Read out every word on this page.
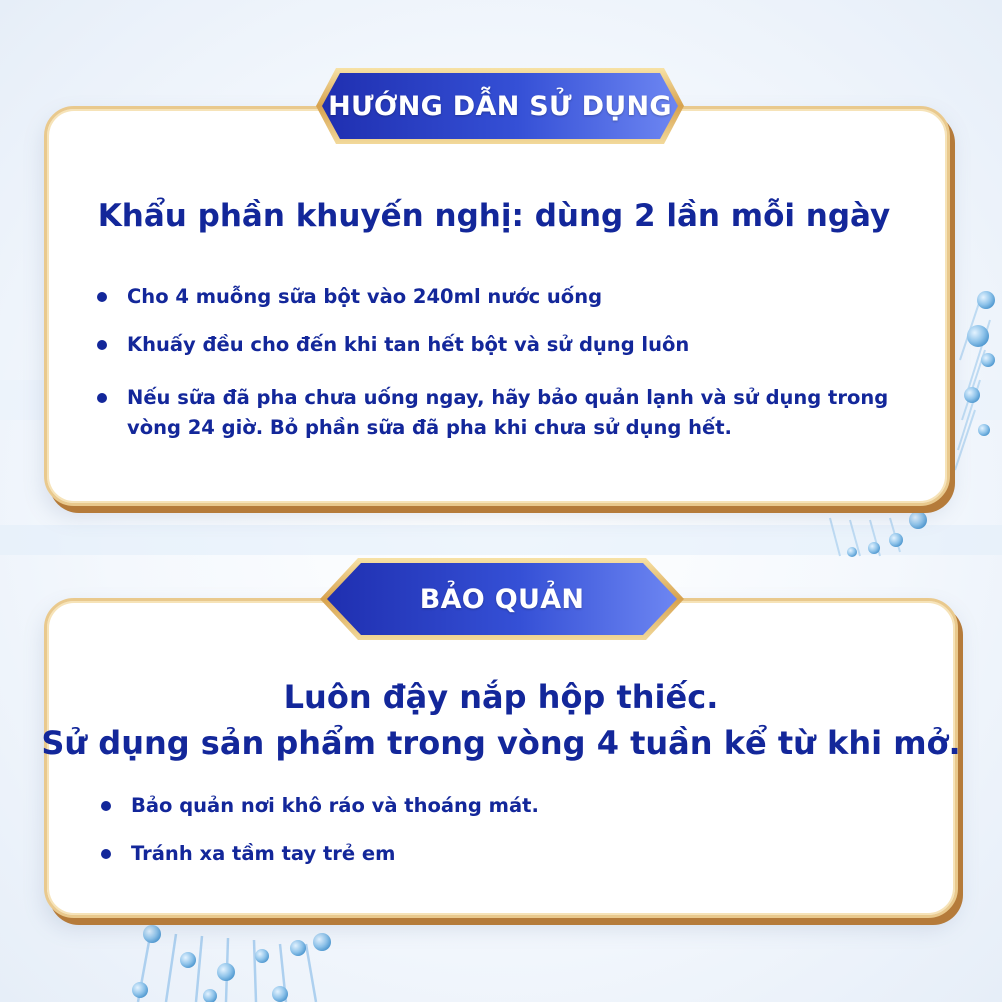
HƯỚNG DẪN SỬ DỤNG
Khẩu phần khuyến nghị: dùng 2 lần mỗi ngày
Cho 4 muỗng sữa bột vào 240ml nước uống
Khuấy đều cho đến khi tan hết bột và sử dụng luôn
Nếu sữa đã pha chưa uống ngay, hãy bảo quản lạnh và sử dụng trong vòng 24 giờ. Bỏ phần sữa đã pha khi chưa sử dụng hết.
BẢO QUẢN
Luôn đậy nắp hộp thiếc.
Sử dụng sản phẩm trong vòng 4 tuần kể từ khi mở.
Bảo quản nơi khô ráo và thoáng mát.
Tránh xa tầm tay trẻ em
